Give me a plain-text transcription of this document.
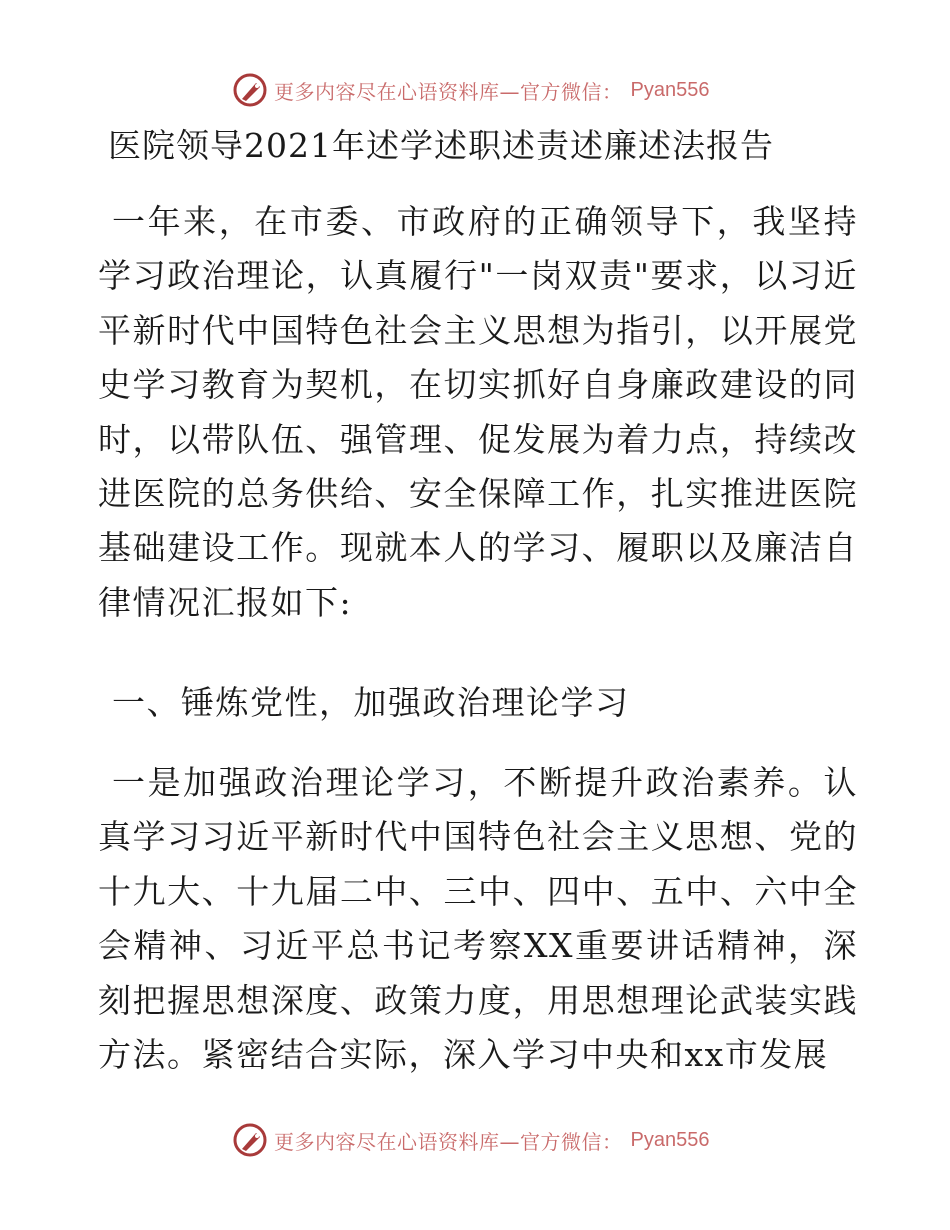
更多内容尽在心语资料库—官方微信： Pyan556
医院领导2021年述学述职述责述廉述法报告

一年来，在市委、市政府的正确领导下，我坚持学习政治理论，认真履行"一岗双责"要求，以习近平新时代中国特色社会主义思想为指引，以开展党史学习教育为契机，在切实抓好自身廉政建设的同时，以带队伍、强管理、促发展为着力点，持续改进医院的总务供给、安全保障工作，扎实推进医院基础建设工作。现就本人的学习、履职以及廉洁自律情况汇报如下:

一、锤炼党性，加强政治理论学习

一是加强政治理论学习，不断提升政治素养。认真学习习近平新时代中国特色社会主义思想、党的十九大、十九届二中、三中、四中、五中、六中全会精神、习近平总书记考察XX重要讲话精神，深刻把握思想深度、政策力度，用思想理论武装实践方法。紧密结合实际，深入学习中央和xx市发展

更多内容尽在心语资料库—官方微信： Pyan556
